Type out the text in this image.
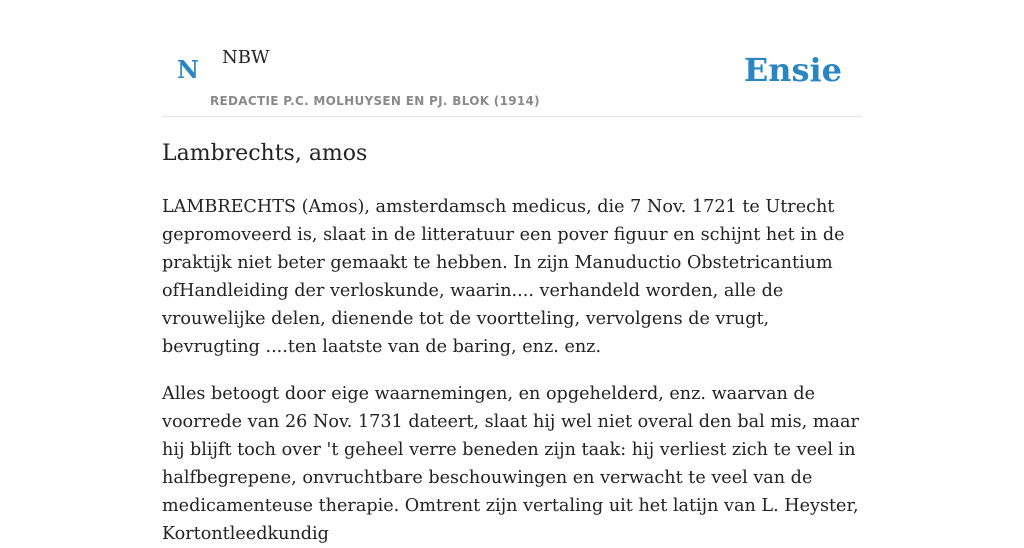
N NBW
REDACTIE P.C. MOLHUYSEN EN PJ. BLOK (1914)
Ensie
Lambrechts, amos

LAMBRECHTS (Amos), amsterdamsch medicus, die 7 Nov. 1721 te Utrecht gepromoveerd is, slaat in de litteratuur een pover figuur en schijnt het in de praktijk niet beter gemaakt te hebben. In zijn Manuductio Obstetricantium ofHandleiding der verloskunde, waarin.... verhandeld worden, alle de vrouwelijke delen, dienende tot de voortteling, vervolgens de vrugt, bevrugting ....ten laatste van de baring, enz. enz.

Alles betoogt door eige waarnemingen, en opgehelderd, enz. waarvan de voorrede van 26 Nov. 1731 dateert, slaat hij wel niet overal den bal mis, maar hij blijft toch over 't geheel verre beneden zijn taak: hij verliest zich te veel in halfbegrepene, onvruchtbare beschouwingen en verwacht te veel van de medicamenteuse therapie. Omtrent zijn vertaling uit het latijn van L. Heyster, Kortontleedkundig
